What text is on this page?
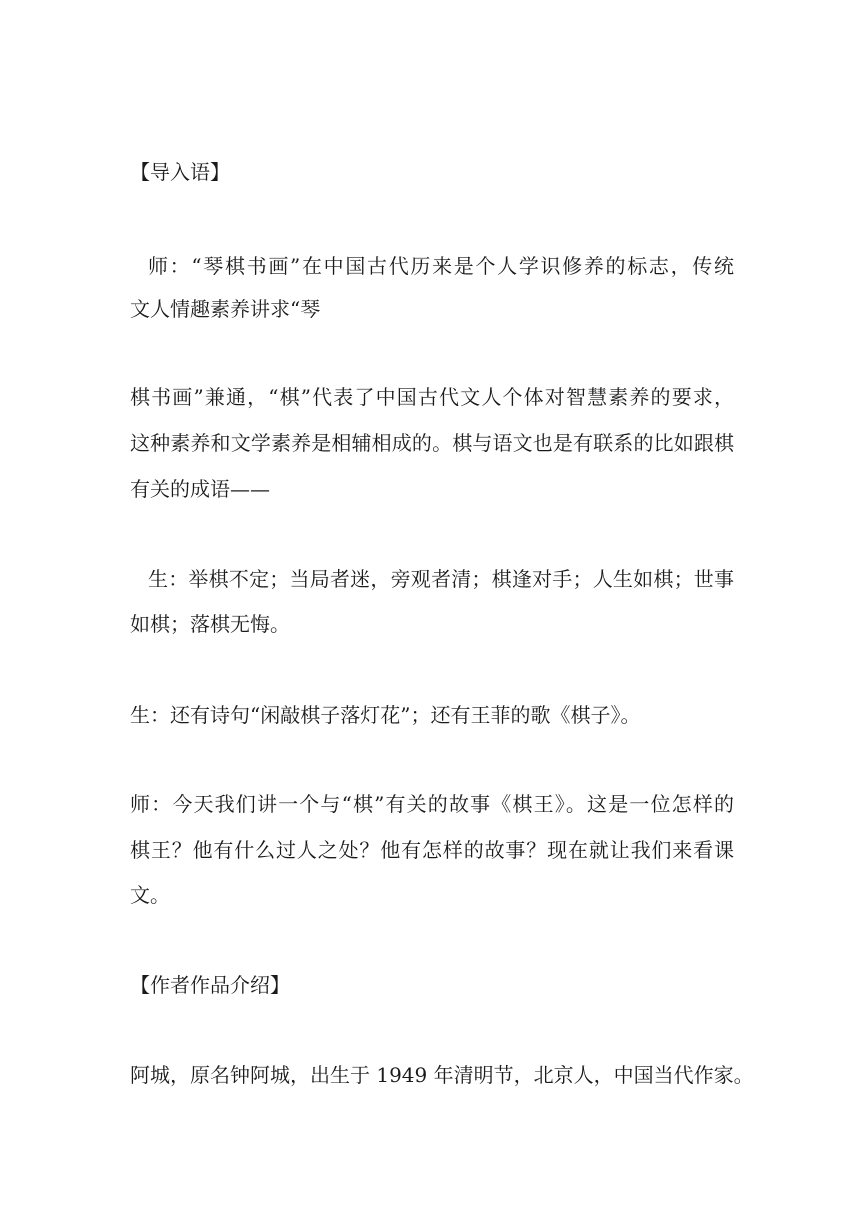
【导入语】
师：“琴棋书画”在中国古代历来是个人学识修养的标志，传统
文人情趣素养讲求“琴
棋书画”兼通，“棋”代表了中国古代文人个体对智慧素养的要求，
这种素养和文学素养是相辅相成的。棋与语文也是有联系的比如跟棋
有关的成语——
生：举棋不定；当局者迷，旁观者清；棋逢对手；人生如棋；世事
如棋；落棋无悔。
生：还有诗句“闲敲棋子落灯花”；还有王菲的歌《棋子》。
师：今天我们讲一个与“棋”有关的故事《棋王》。这是一位怎样的
棋王？他有什么过人之处？他有怎样的故事？现在就让我们来看课
文。
【作者作品介绍】
阿城，原名钟阿城，出生于 1949 年清明节，北京人，中国当代作家。
